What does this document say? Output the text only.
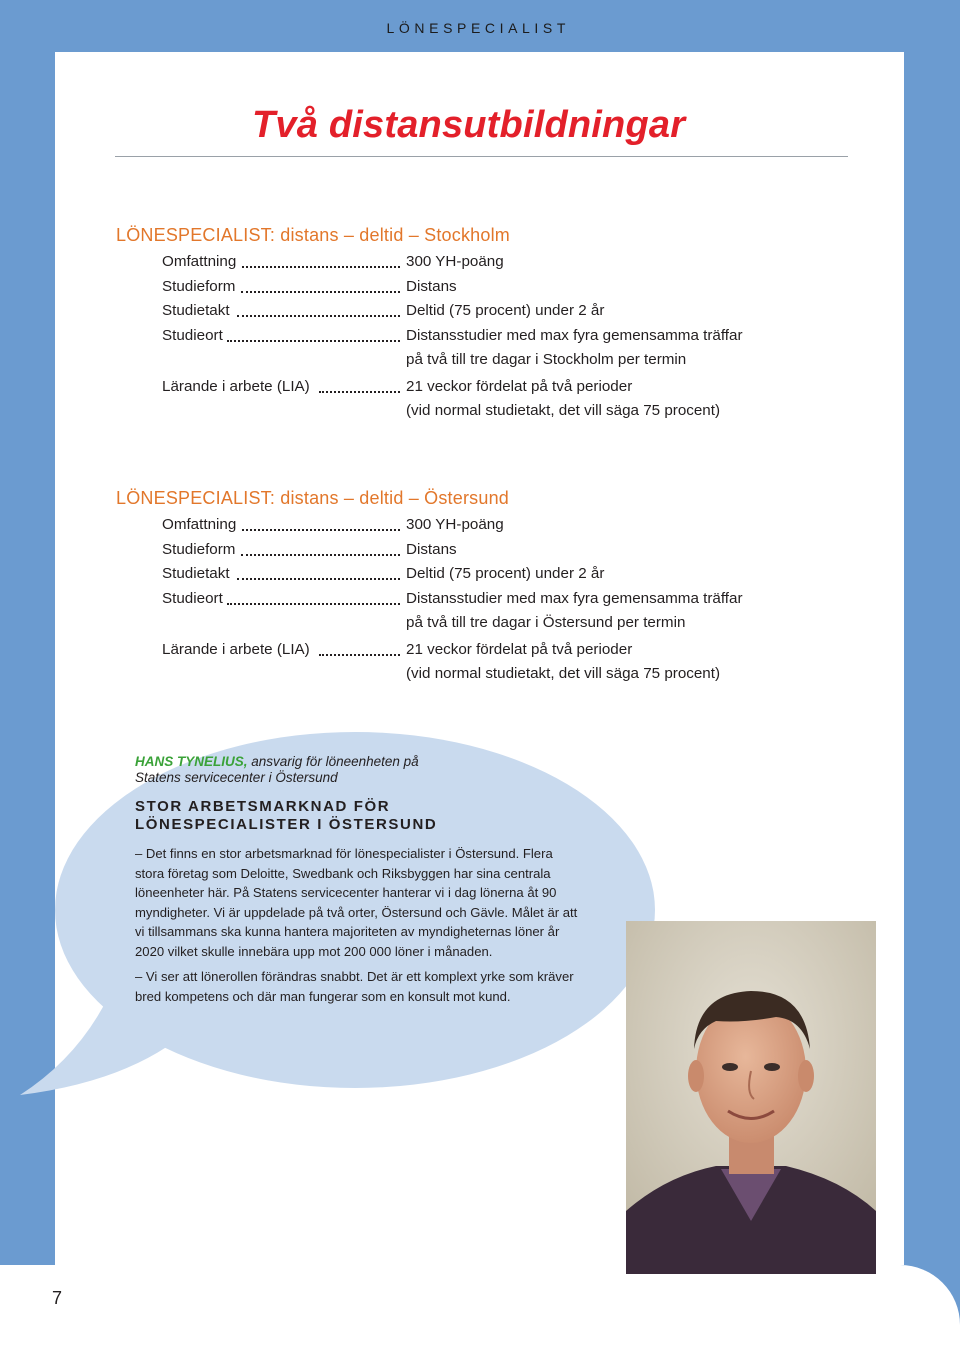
LÖNESPECIALIST
7
Två distansutbildningar
LÖNESPECIALIST: distans – deltid – Stockholm
Omfattning	300 YH-poäng
Studieform	Distans
Studietakt	Deltid (75 procent) under 2 år
Studieort	Distansstudier med max fyra gemensamma träffar
på två till tre dagar i Stockholm per termin
Lärande i arbete (LIA)	21 veckor fördelat på två perioder
(vid normal studietakt, det vill säga 75 procent)
LÖNESPECIALIST: distans – deltid – Östersund
Omfattning	300 YH-poäng
Studieform	Distans
Studietakt	Deltid (75 procent) under 2 år
Studieort	Distansstudier med max fyra gemensamma träffar
på två till tre dagar i Östersund per termin
Lärande i arbete (LIA)	21 veckor fördelat på två perioder
(vid normal studietakt, det vill säga 75 procent)
HANS TYNELIUS, ansvarig för löneenheten på
Statens servicecenter i Östersund
STOR ARBETSMARKNAD FÖR
LÖNESPECIALISTER I ÖSTERSUND

– Det finns en stor arbetsmarknad för lönespecialister i Östersund. Flera stora företag som Deloitte, Swedbank och Riksbyggen har sina centrala löneenheter här. På Statens servicecenter hanterar vi i dag lönerna åt 90 myndigheter. Vi är uppdelade på två orter, Östersund och Gävle. Målet är att vi tillsammans ska kunna hantera majoriteten av myndigheternas löner år 2020 vilket skulle innebära upp mot 200 000 löner i månaden.

– Vi ser att lönerollen förändras snabbt. Det är ett komplext yrke som kräver bred kompetens och där man fungerar som en konsult mot kund.
